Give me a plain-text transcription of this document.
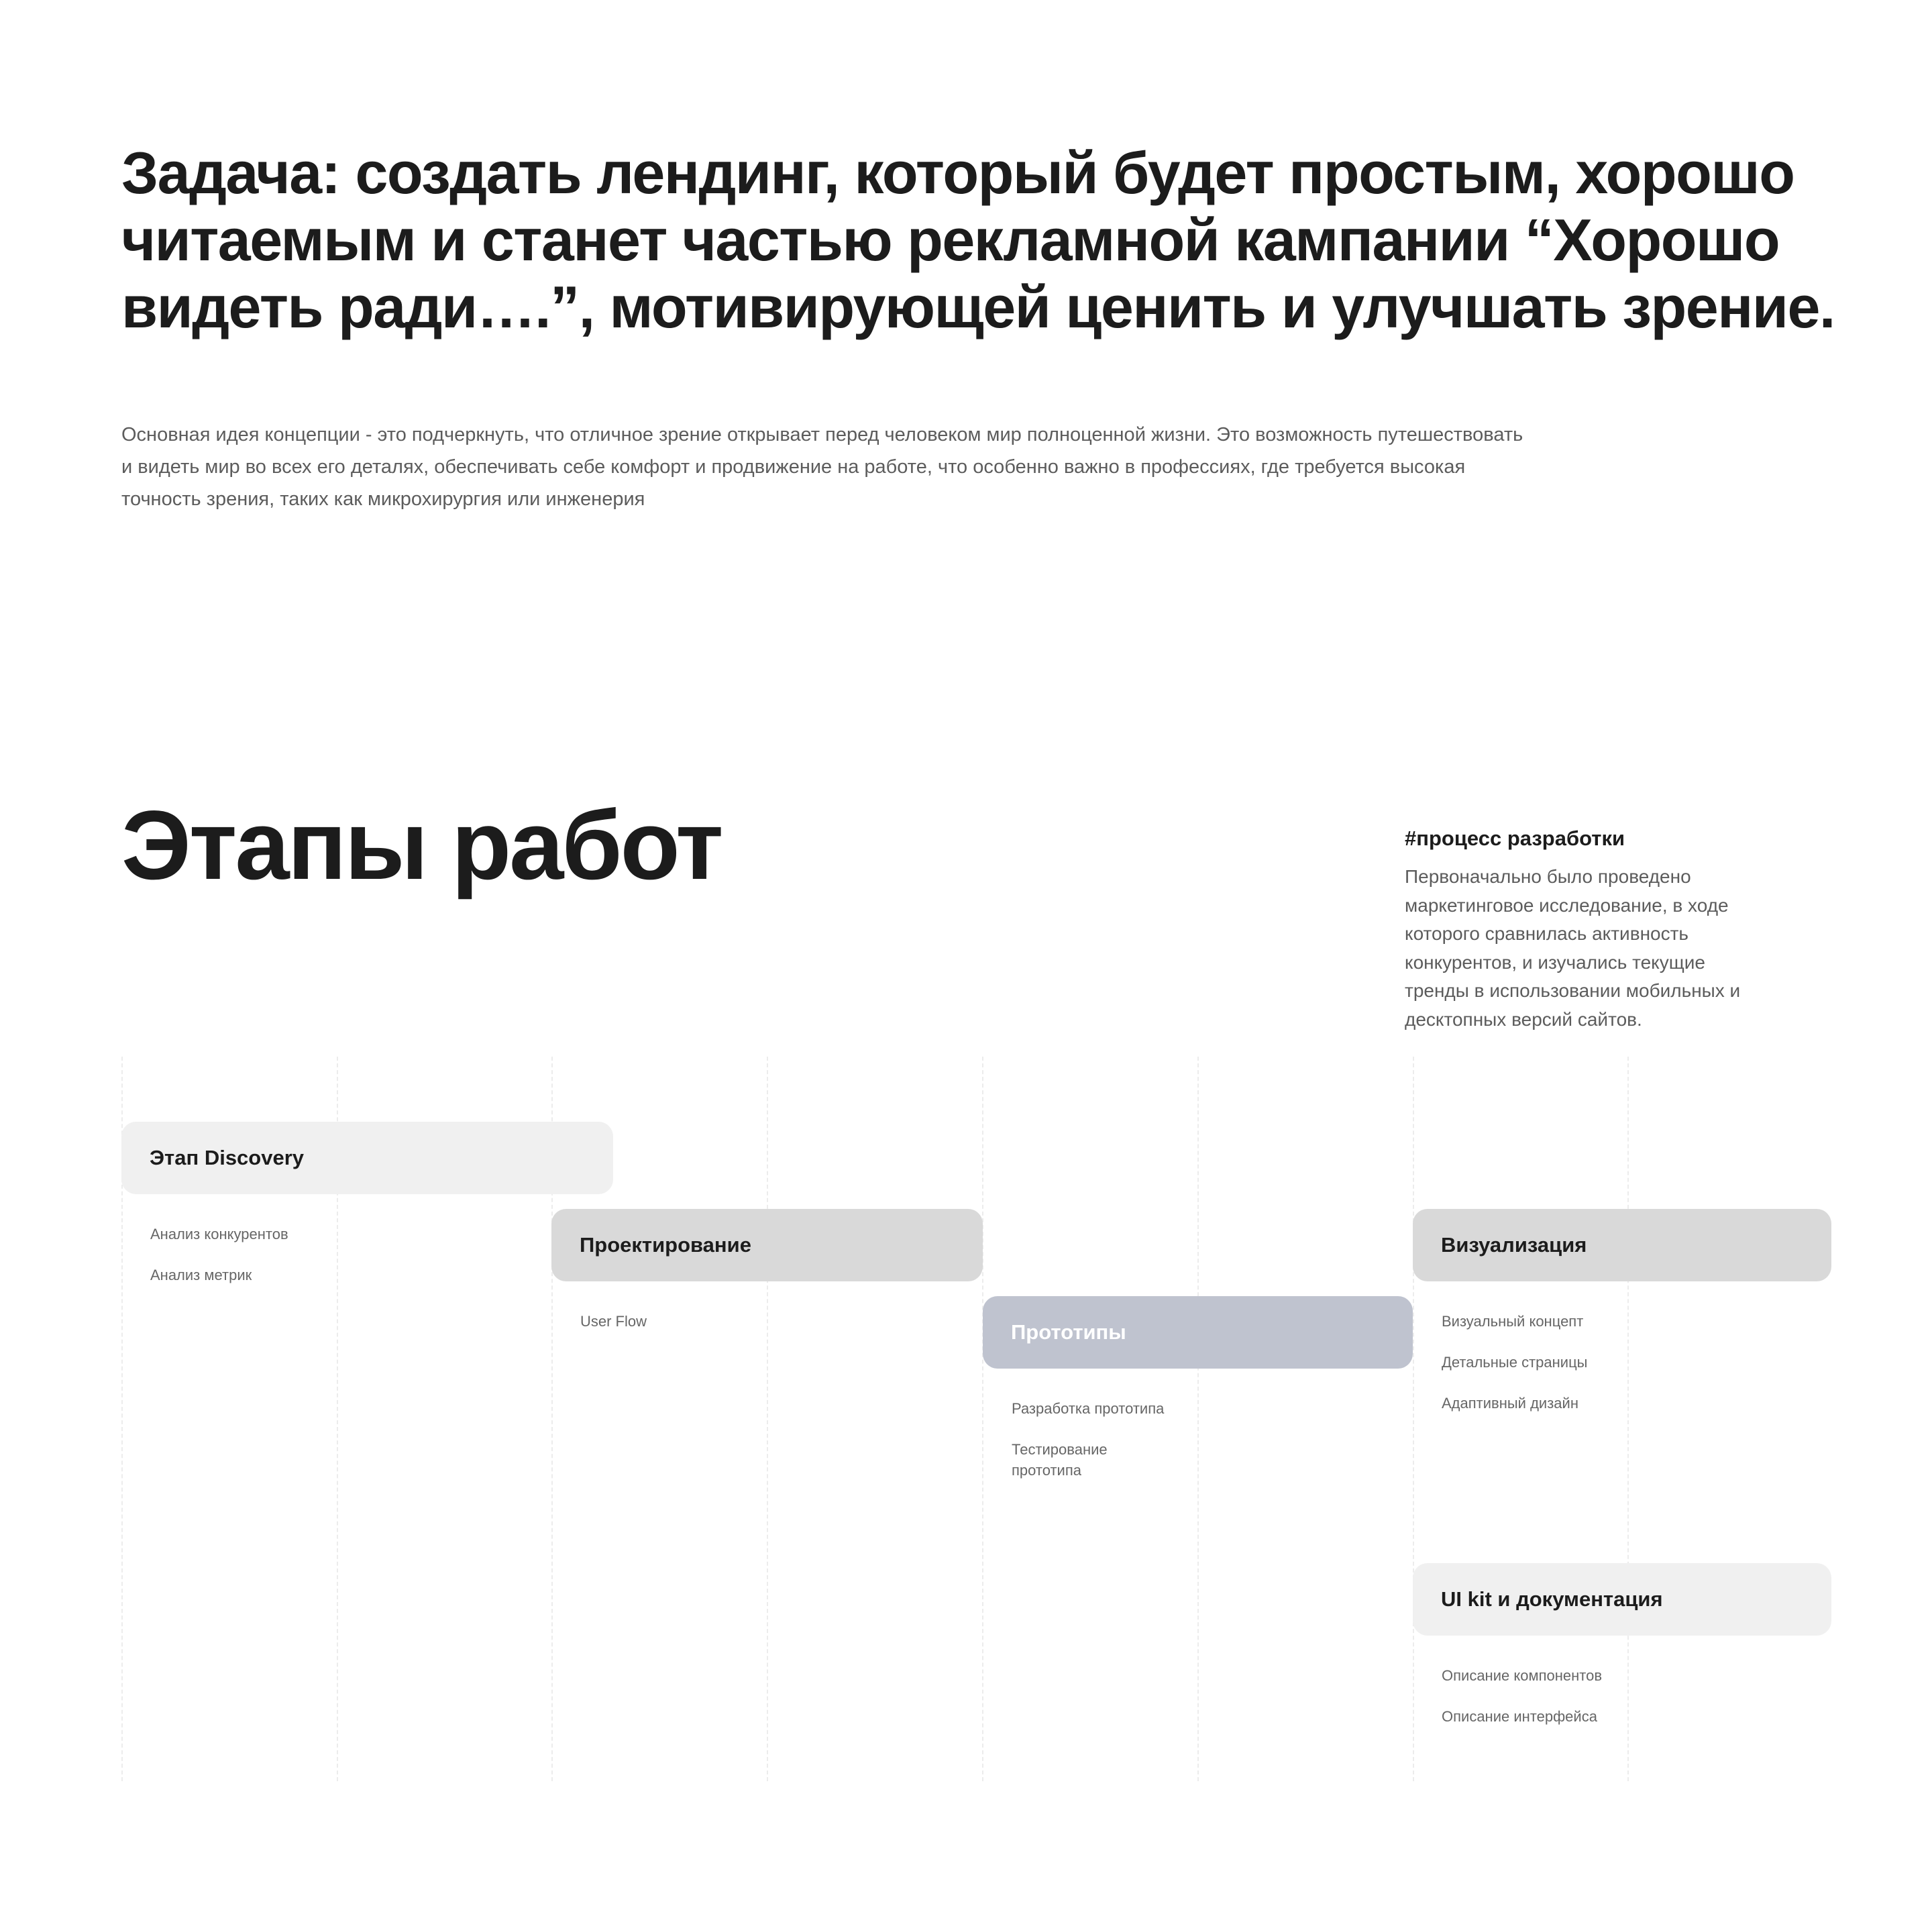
Задача: создать лендинг, который будет простым, хорошо
читаемым и станет частью рекламной кампании “Хорошо
видеть ради….”, мотивирующей ценить и улучшать зрение.

Основная идея концепции - это подчеркнуть, что отличное зрение открывает перед человеком мир полноценной жизни. Это возможность путешествовать
и видеть мир во всех его деталях, обеспечивать себе комфорт и продвижение на работе, что особенно важно в профессиях, где требуется высокая
точность зрения, таких как микрохирургия или инженерия

Этапы работ	#процесс разработки
Первоначально было проведено
маркетинговое исследование, в ходе
которого сравнилась активность
конкурентов, и изучались текущие
тренды в использовании мобильных и
десктопных версий сайтов.
Этап Discovery
Анализ конкурентов
Анализ метрик
Проектирование
User Flow	Прототипы
Разработка прототипа
Тестирование
прототипа
Визуализация
Визуальный концепт
Детальные страницы
Адаптивный дизайн
UI kit и документация
Описание компонентов
Описание интерфейса
